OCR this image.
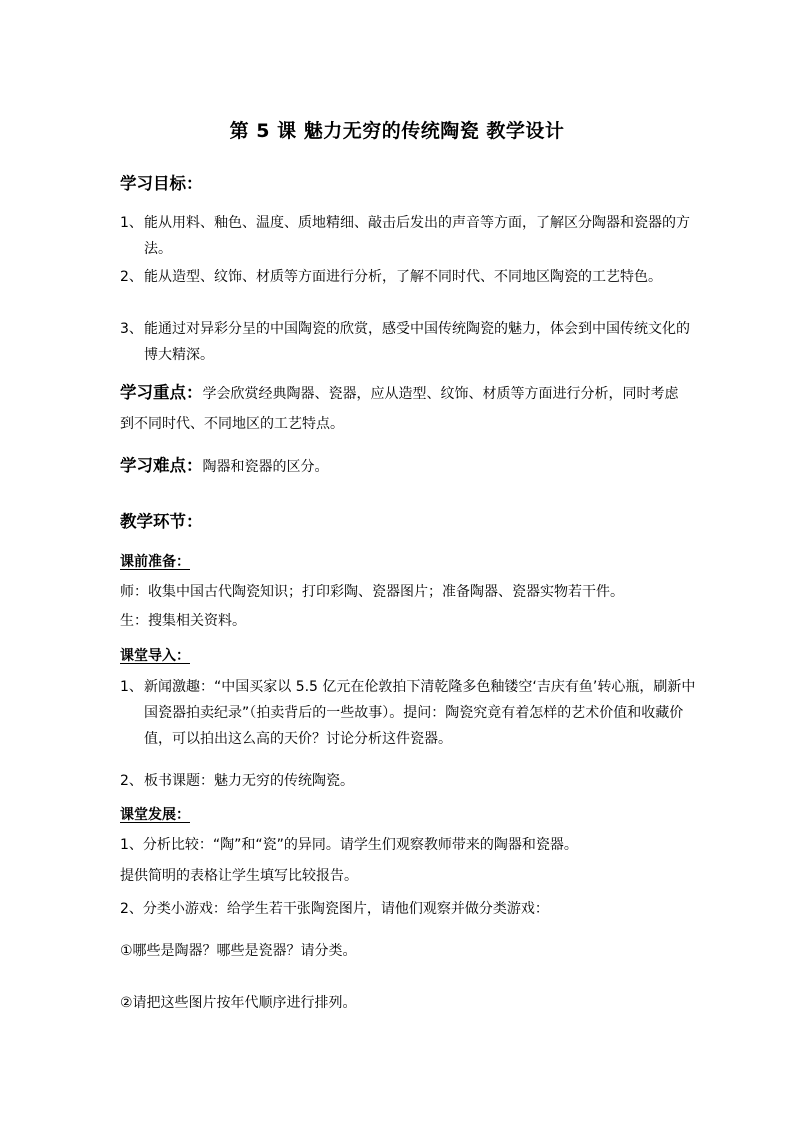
第 5 课 魅力无穷的传统陶瓷 教学设计
学习目标：
1、能从用料、釉色、温度、质地精细、敲击后发出的声音等方面，了解区分陶器和瓷器的方法。
2、能从造型、纹饰、材质等方面进行分析，了解不同时代、不同地区陶瓷的工艺特色。
3、能通过对异彩分呈的中国陶瓷的欣赏，感受中国传统陶瓷的魅力，体会到中国传统文化的博大精深。
学习重点：学会欣赏经典陶器、瓷器，应从造型、纹饰、材质等方面进行分析，同时考虑到不同时代、不同地区的工艺特点。
学习难点：陶器和瓷器的区分。
教学环节：
课前准备：
师：收集中国古代陶瓷知识；打印彩陶、瓷器图片；准备陶器、瓷器实物若干件。
生：搜集相关资料。
课堂导入：
1、新闻激趣：“中国买家以 5.5 亿元在伦敦拍下清乾隆多色釉镂空‘吉庆有鱼’转心瓶，刷新中国瓷器拍卖纪录”（拍卖背后的一些故事）。提问：陶瓷究竟有着怎样的艺术价值和收藏价值，可以拍出这么高的天价？讨论分析这件瓷器。
2、板书课题：魅力无穷的传统陶瓷。
课堂发展：
1、分析比较：“陶”和“瓷”的异同。请学生们观察教师带来的陶器和瓷器。
提供简明的表格让学生填写比较报告。
2、分类小游戏：给学生若干张陶瓷图片，请他们观察并做分类游戏：
①哪些是陶器？哪些是瓷器？请分类。
②请把这些图片按年代顺序进行排列。
